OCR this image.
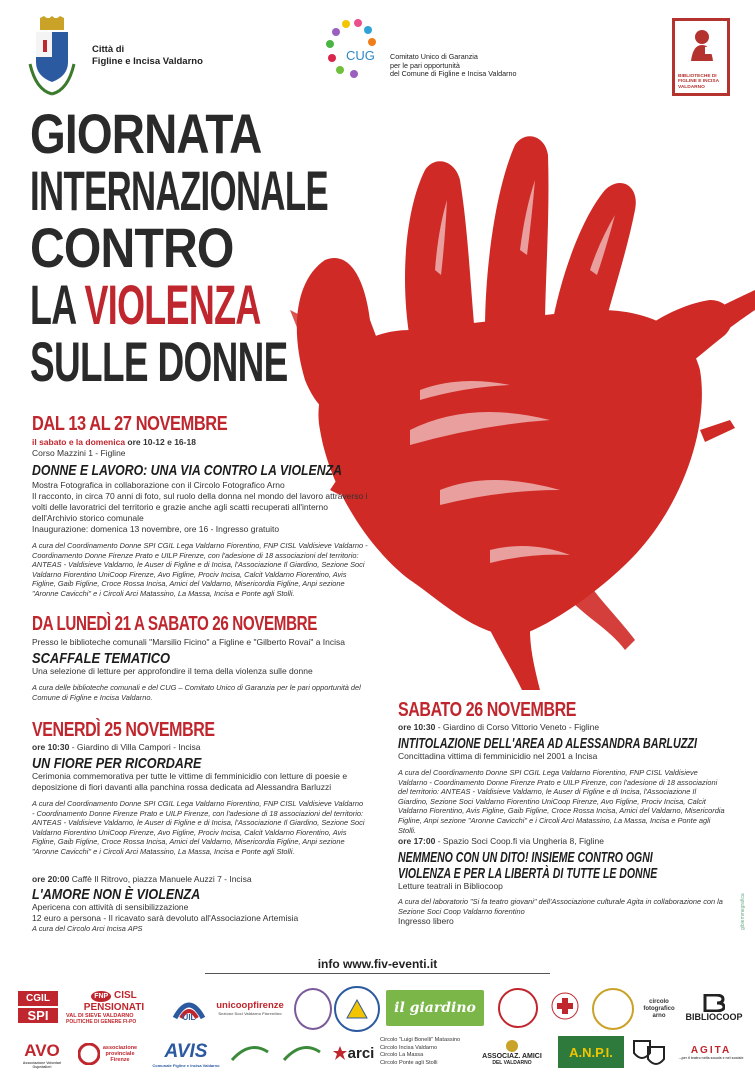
Città di
Figline e Incisa Valdarno	CUG Comitato Unico di Garanzia
per le pari opportunità
del Comune di Figline e Incisa Valdarno	BIBLIOTECHE DI
FIGLINE E INCISA
VALDARNO
GIORNATA
INTERNAZIONALE
CONTRO
LA VIOLENZA
SULLE DONNE
DAL 13 AL 27 NOVEMBRE
il sabato e la domenica ore 10-12 e 16-18
Corso Mazzini 1 - Figline
DONNE E LAVORO: UNA VIA CONTRO LA VIOLENZA
Mostra Fotografica in collaborazione con il Circolo Fotografico Arno
Il racconto, in circa 70 anni di foto, sul ruolo della donna nel mondo del lavoro attraverso i volti delle lavoratrici del territorio e grazie anche agli scatti recuperati all'interno dell'Archivio storico comunale
Inaugurazione: domenica 13 novembre, ore 16 - Ingresso gratuito
A cura del Coordinamento Donne SPI CGIL Lega Valdarno Fiorentino, FNP CISL Valdisieve Valdarno - Coordinamento Donne Firenze Prato e UILP Firenze, con l'adesione di 18 associazioni del territorio: ANTEAS - Valdisieve Valdarno, le Auser di Figline e di Incisa, l'Associazione Il Giardino, Sezione Soci Valdarno Fiorentino UniCoop Firenze, Avo Figline, Prociv Incisa, Calcit Valdarno Fiorentino, Avis Figline, Gaib Figline, Croce Rossa Incisa, Amici del Valdarno, Misericordia Figline, Anpi sezione "Aronne Cavicchi" e i Circoli Arci Matassino, La Massa, Incisa e Ponte agli Stolli.
DA LUNEDÌ 21 A SABATO 26 NOVEMBRE
Presso le biblioteche comunali "Marsilio Ficino" a Figline e "Gilberto Rovai" a Incisa
SCAFFALE TEMATICO
Una selezione di letture per approfondire il tema della violenza sulle donne
A cura delle biblioteche comunali e del CUG – Comitato Unico di Garanzia per le pari opportunità del Comune di Figline e Incisa Valdarno.
VENERDÌ 25 NOVEMBRE
ore 10:30 - Giardino di Villa Campori - Incisa
UN FIORE PER RICORDARE
Cerimonia commemorativa per tutte le vittime di femminicidio con letture di poesie e deposizione di fiori davanti alla panchina rossa dedicata ad Alessandra Barluzzi
A cura del Coordinamento Donne SPI CGIL Lega Valdarno Fiorentino, FNP CISL Valdisieve Valdarno - Coordinamento Donne Firenze Prato e UILP Firenze, con l'adesione di 18 associazioni del territorio: ANTEAS - Valdisieve Valdarno, le Auser di Figline e di Incisa, l'Associazione Il Giardino, Sezione Soci Valdarno Fiorentino UniCoop Firenze, Avo Figline, Prociv Incisa, Calcit Valdarno Fiorentino, Avis Figline, Gaib Figline, Croce Rossa Incisa, Amici del Valdarno, Misericordia Figline, Anpi sezione "Aronne Cavicchi" e i Circoli Arci Matassino, La Massa, Incisa e Ponte agli Stolli.
ore 20:00 Caffè Il Ritrovo, piazza Manuele Auzzi 7 - Incisa
L'AMORE NON È VIOLENZA
Apericena con attività di sensibilizzazione
12 euro a persona - Il ricavato sarà devoluto all'Associazione Artemisia
A cura del Circolo Arci Incisa APS
SABATO 26 NOVEMBRE
ore 10:30 - Giardino di Corso Vittorio Veneto - Figline
INTITOLAZIONE DELL'AREA AD ALESSANDRA BARLUZZI
Concittadina vittima di femminicidio nel 2001 a Incisa
A cura del Coordinamento Donne SPI CGIL Lega Valdarno Fiorentino, FNP CISL Valdisieve Valdarno - Coordinamento Donne Firenze Prato e UILP Firenze, con l'adesione di 18 associazioni del territorio: ANTEAS - Valdisieve Valdarno, le Auser di Figline e di Incisa, l'Associazione Il Giardino, Sezione Soci Valdarno Fiorentino UniCoop Firenze, Avo Figline, Prociv Incisa, Calcit Valdarno Fiorentino, Avis Figline, Gaib Figline, Croce Rossa Incisa, Amici del Valdarno, Misericordia Figline, Anpi sezione "Aronne Cavicchi" e i Circoli Arci Matassino, La Massa, Incisa e Ponte agli Stolli.
ore 17:00 - Spazio Soci Coop.fi via Ungheria 8, Figline
NEMMENO CON UN DITO! INSIEME CONTRO OGNI
VIOLENZA E PER LA LIBERTÀ DI TUTTE LE DONNE
Letture teatrali in Bibliocoop
A cura del laboratorio "Si fa teatro giovani" dell'Associazione culturale Agita in collaborazione con la Sezione Soci Coop Valdarno fiorentino
Ingresso libero	gibiemmegrafica
info www.fiv-eventi.it
CGIL
SPI
FNP CISL PENSIONATI
VAL DI SIEVE VALDARNO
POLITICHE DI GENERE FI-PO	UIL
unicoopfirenze
Sezione Soci Valdarno Fiorentino	il giardino	circolo
fotografico
arno BIBLIOCOOP
AVO
Associazione Volontari Ospedalieri
associazione provinciale Firenze	AVIS
Comunale Figline e Incisa Valdarno
arci
Circolo "Luigi Bonelli" Matassino
Circolo Incisa Valdarno
Circolo La Massa
Circolo Ponte agli Stolli
ASSOCIAZ. AMICI
DEL VALDARNO
A.N.P.I.	AGITA
...per il teatro nella scuola e nel sociale
